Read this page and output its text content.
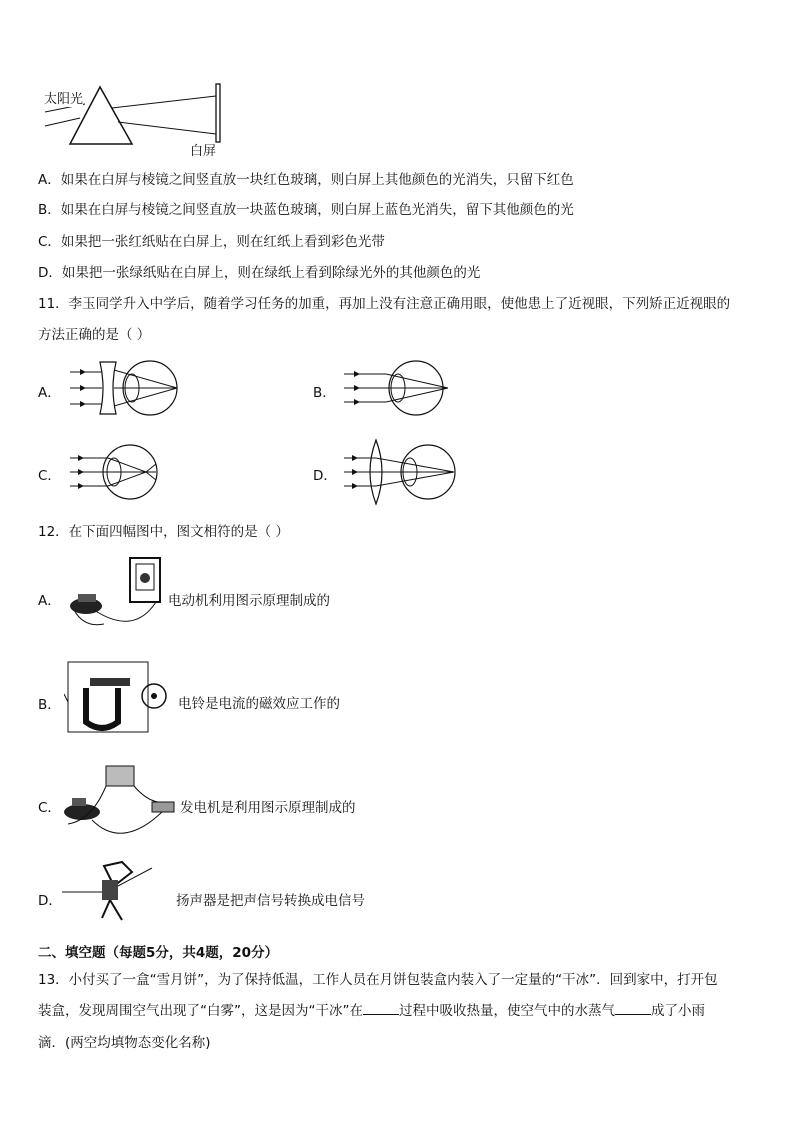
太阳光
白屏
A．如果在白屏与棱镜之间竖直放一块红色玻璃，则白屏上其他颜色的光消失，只留下红色
B．如果在白屏与棱镜之间竖直放一块蓝色玻璃，则白屏上蓝色光消失，留下其他颜色的光
C．如果把一张红纸贴在白屏上，则在红纸上看到彩色光带
D．如果把一张绿纸贴在白屏上，则在绿纸上看到除绿光外的其他颜色的光
11．李玉同学升入中学后，随着学习任务的加重，再加上没有注意正确用眼，使他患上了近视眼，下列矫正近视眼的
方法正确的是（ ）
A．	B．
C．	D．
12．在下面四幅图中，图文相符的是（ ）
A．	电动机利用图示原理制成的
B．	电铃是电流的磁效应工作的
C．	发电机是利用图示原理制成的
D．	扬声器是把声信号转换成电信号
二、填空题（每题5分，共4题，20分）
13．小付买了一盒“雪月饼”，为了保持低温，工作人员在月饼包装盒内装入了一定量的“干冰”．回到家中，打开包
装盒，发现周围空气出现了“白雾”，这是因为“干冰”在	过程中吸收热量，使空气中的水蒸气	成了小雨
滴．(两空均填物态变化名称)
